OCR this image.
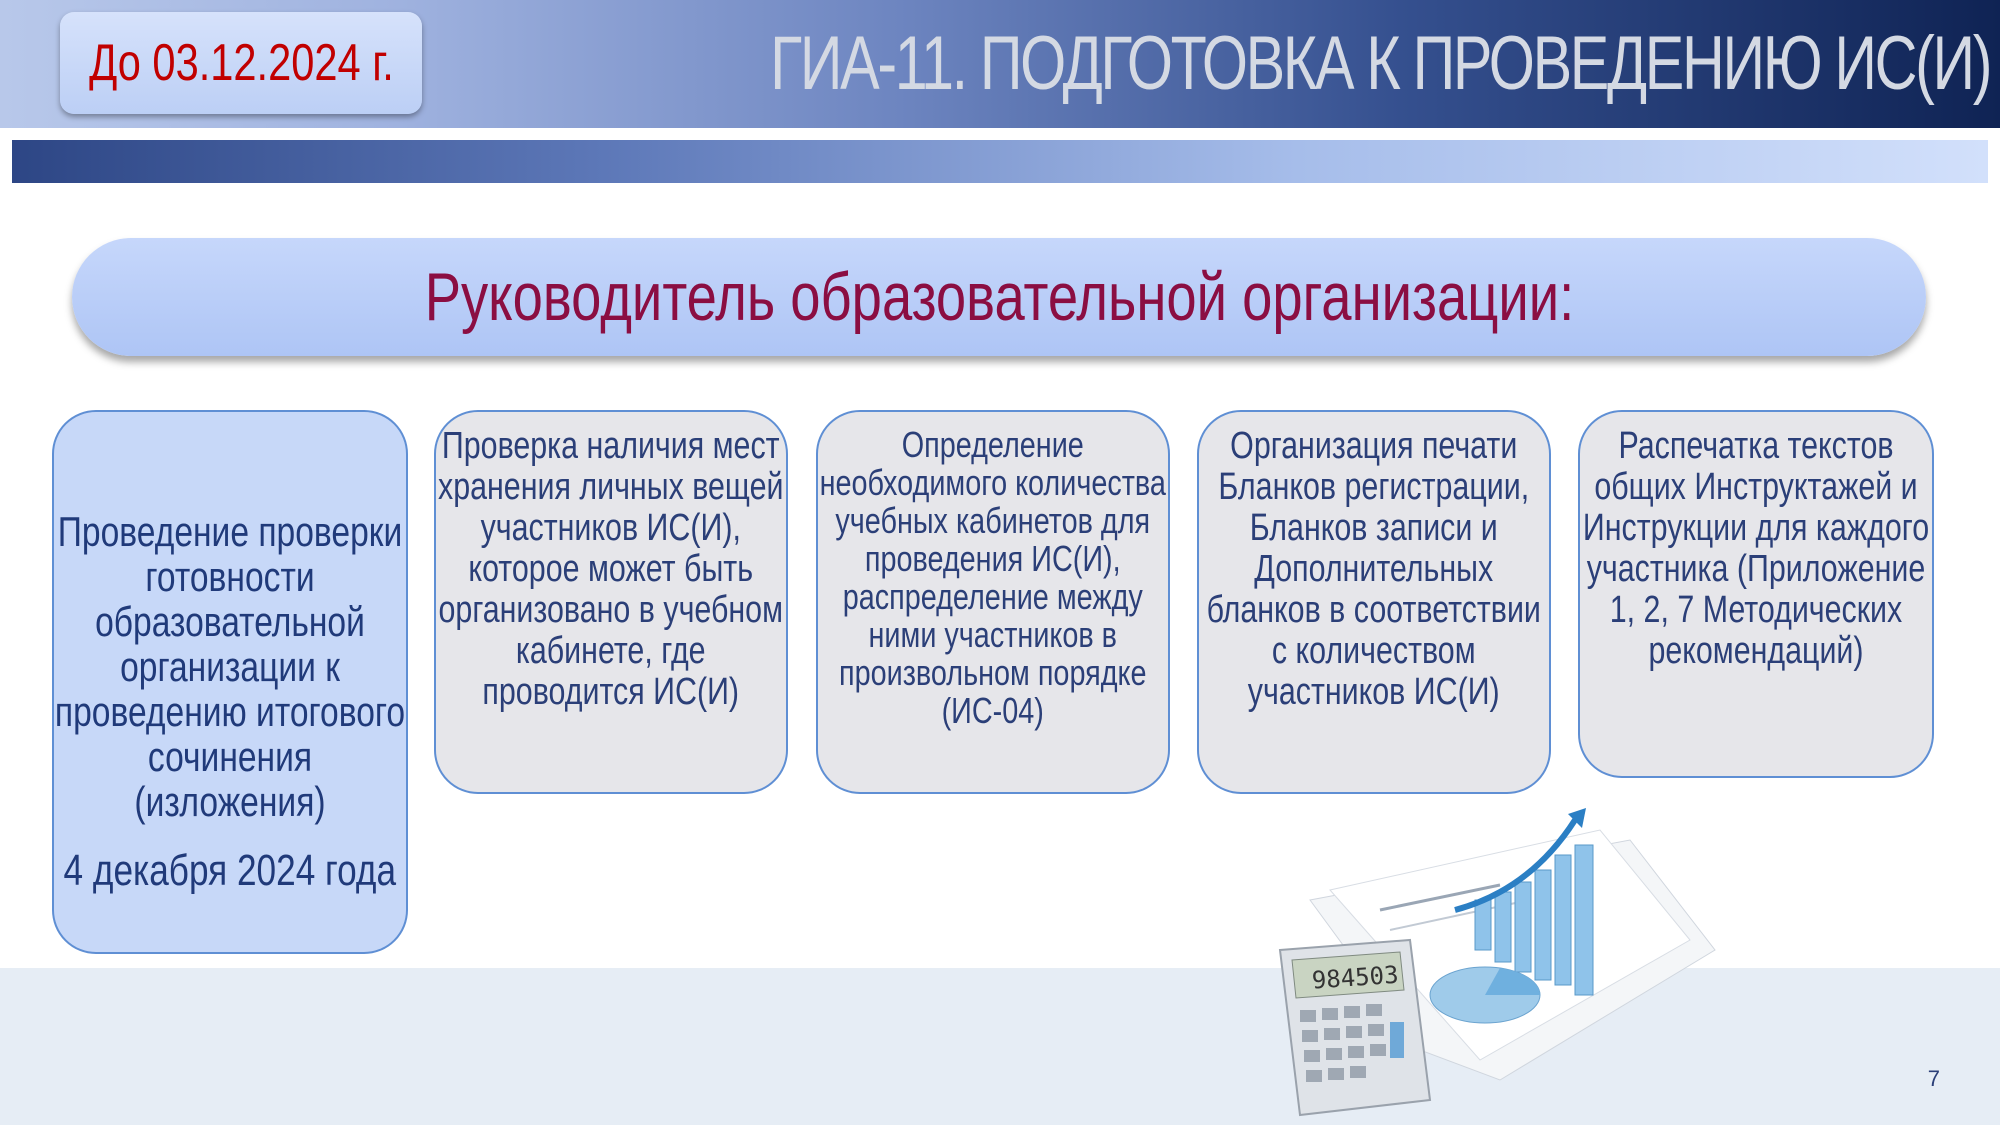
ГИА-11. ПОДГОТОВКА К ПРОВЕДЕНИЮ ИС(И)
До 03.12.2024 г.
Руководитель образовательной организации:
Проведение проверки готовности образовательной организации к проведению итогового сочинения (изложения)
4 декабря 2024 года
Проверка наличия мест хранения личных вещей участников ИС(И), которое может быть организовано в учебном кабинете, где проводится ИС(И)
Определение необходимого количества учебных кабинетов для проведения ИС(И), распределение между ними участников в произвольном порядке (ИС-04)
Организация печати Бланков регистрации, Бланков записи и Дополнительных бланков в соответствии с количеством участников ИС(И)
Распечатка текстов общих Инструктажей и Инструкции для каждого участника (Приложение 1, 2, 7 Методических рекомендаций)
984503
7
